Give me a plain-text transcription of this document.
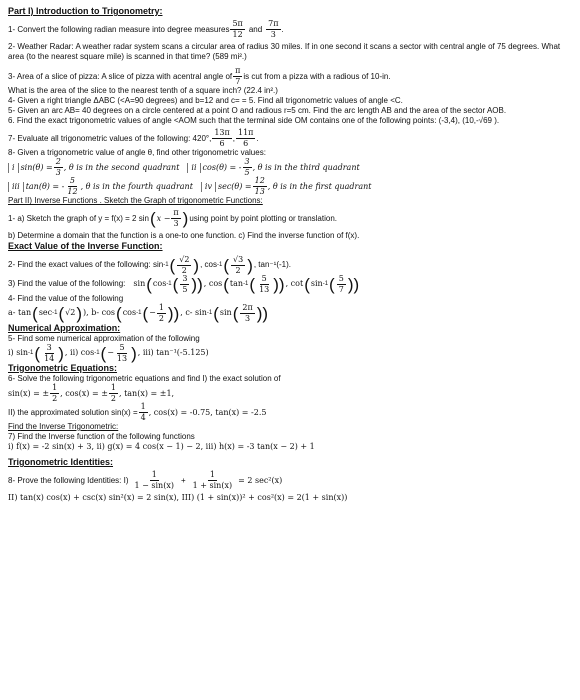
Part I) Introduction to Trigonometry:
1- Convert the following radian measure into degree measures $\frac{5\pi}{12}$ and $\frac{7\pi}{3}$ .
2- Weather Radar: A weather radar system scans a circular area of radius 30 miles. If in one second it scans a sector with central angle of 75 degrees. What area (to the nearest square mile) is scanned in that time? (589 mi².)
3- Area of a slice of pizza: A slice of pizza with acentral angle of $\frac{\pi}{7}$ is cut from a pizza with a radious of 10-in.
What is the area of the slice to the nearest tenth of a square inch? (22.4 in².)
4- Given a right triangle ΔABC (<A=90 degrees) and b=12 and c= = 5. Find all trigonometric values of angle <C.
5- Given an arc AB= 40 degrees on a circle centered at a point O and radious r=5 cm. Find the arc length AB and the area of the sector AOB.
6. Find the exact trigonometric values of angle <AOM such that the terminal side OM contains one of the following points: (-3,4), (10,-√69 ).
7- Evaluate all trigonometric values of the following: 420°, $\frac{13\pi}{6}$ , $\frac{11\pi}{6}$ .
8- Given a trigonometric value of angle θ, find other trigonometric values:
i $\sin(\theta) = \frac{2}{3}$ , θ is in the second quadrant	ii cos(θ) = - $\frac{3}{5}$ , θ is in the third quadrant
iii tan(θ) = - $\frac{5}{12}$ , θ is in the fourth quadrant	iv $\sec(\theta) = \frac{12}{13}$ , θ is in the first quadrant
Part II) Inverse Functions . Sketch the Graph of trigonometric Functions:
1- a) Sketch the graph of y = f(x) = 2 sin ( $x - \frac{\pi}{3}$ ) using point by point plotting or translation.
b) Determine a domain that the function is a one-to one function. c) Find the inverse function of f(x).
Exact Value of the Inverse Function:
2- Find the exact values of the following: sin -1 ( $\frac{√2}{2}$ ) , cos -1 ( $\frac{√3}{2}$ ) , tan⁻¹(-1).
3) Find the value of the following: sin ( cos -1 ( $\frac{3}{5}$ )) , cos ( tan -1 ( $\frac{5}{13}$ )) , cot ( sin -1 ( $\frac{5}{7}$ ))
4- Find the value of the following
a- tan ( sec -1 ( √2 ) ), b- cos ( cos -1 ( − $\frac{1}{2}$ )) , c- sin -1 ( sin ( $\frac{2\pi}{3}$ ))
Numerical Approximation:
5- Find some numerical approximation of the following
i) sin -1 ( $\frac{3}{14}$ ) , ii) cos -1 ( − $\frac{5}{13}$ ) , iii) tan⁻¹(-5.125)
Trigonometric Equations:
6- Solve the following trigonometric equations and find I) the exact solution of
sin(x) = ± $\frac{1}{2}$ , cos(x) = ± $\frac{1}{2}$ , tan(x) = ±1,
II) the approximated solution $\sin(x) = \frac{1}{4}$ , cos(x) = -0.75, tan(x) = -2.5
Find the Inverse Trigonometric:
7) Find the Inverse function of the following functions
i) f(x) = -2 sin(x) + 3, ii) g(x) = 4 cos(x − 1) − 2, iii) h(x) = -3 tan(x − 2) + 1
Trigonometric Identities:
8- Prove the following Identities: $I) \frac{1}{1 - \sin(x)} + \frac{1}{1 + \sin(x)} = 2$ sec²(x)
II) tan(x) cos(x) + csc(x) sin²(x) = 2 sin(x), III) (1 + sin(x))² + cos²(x) = 2(1 + sin(x))
